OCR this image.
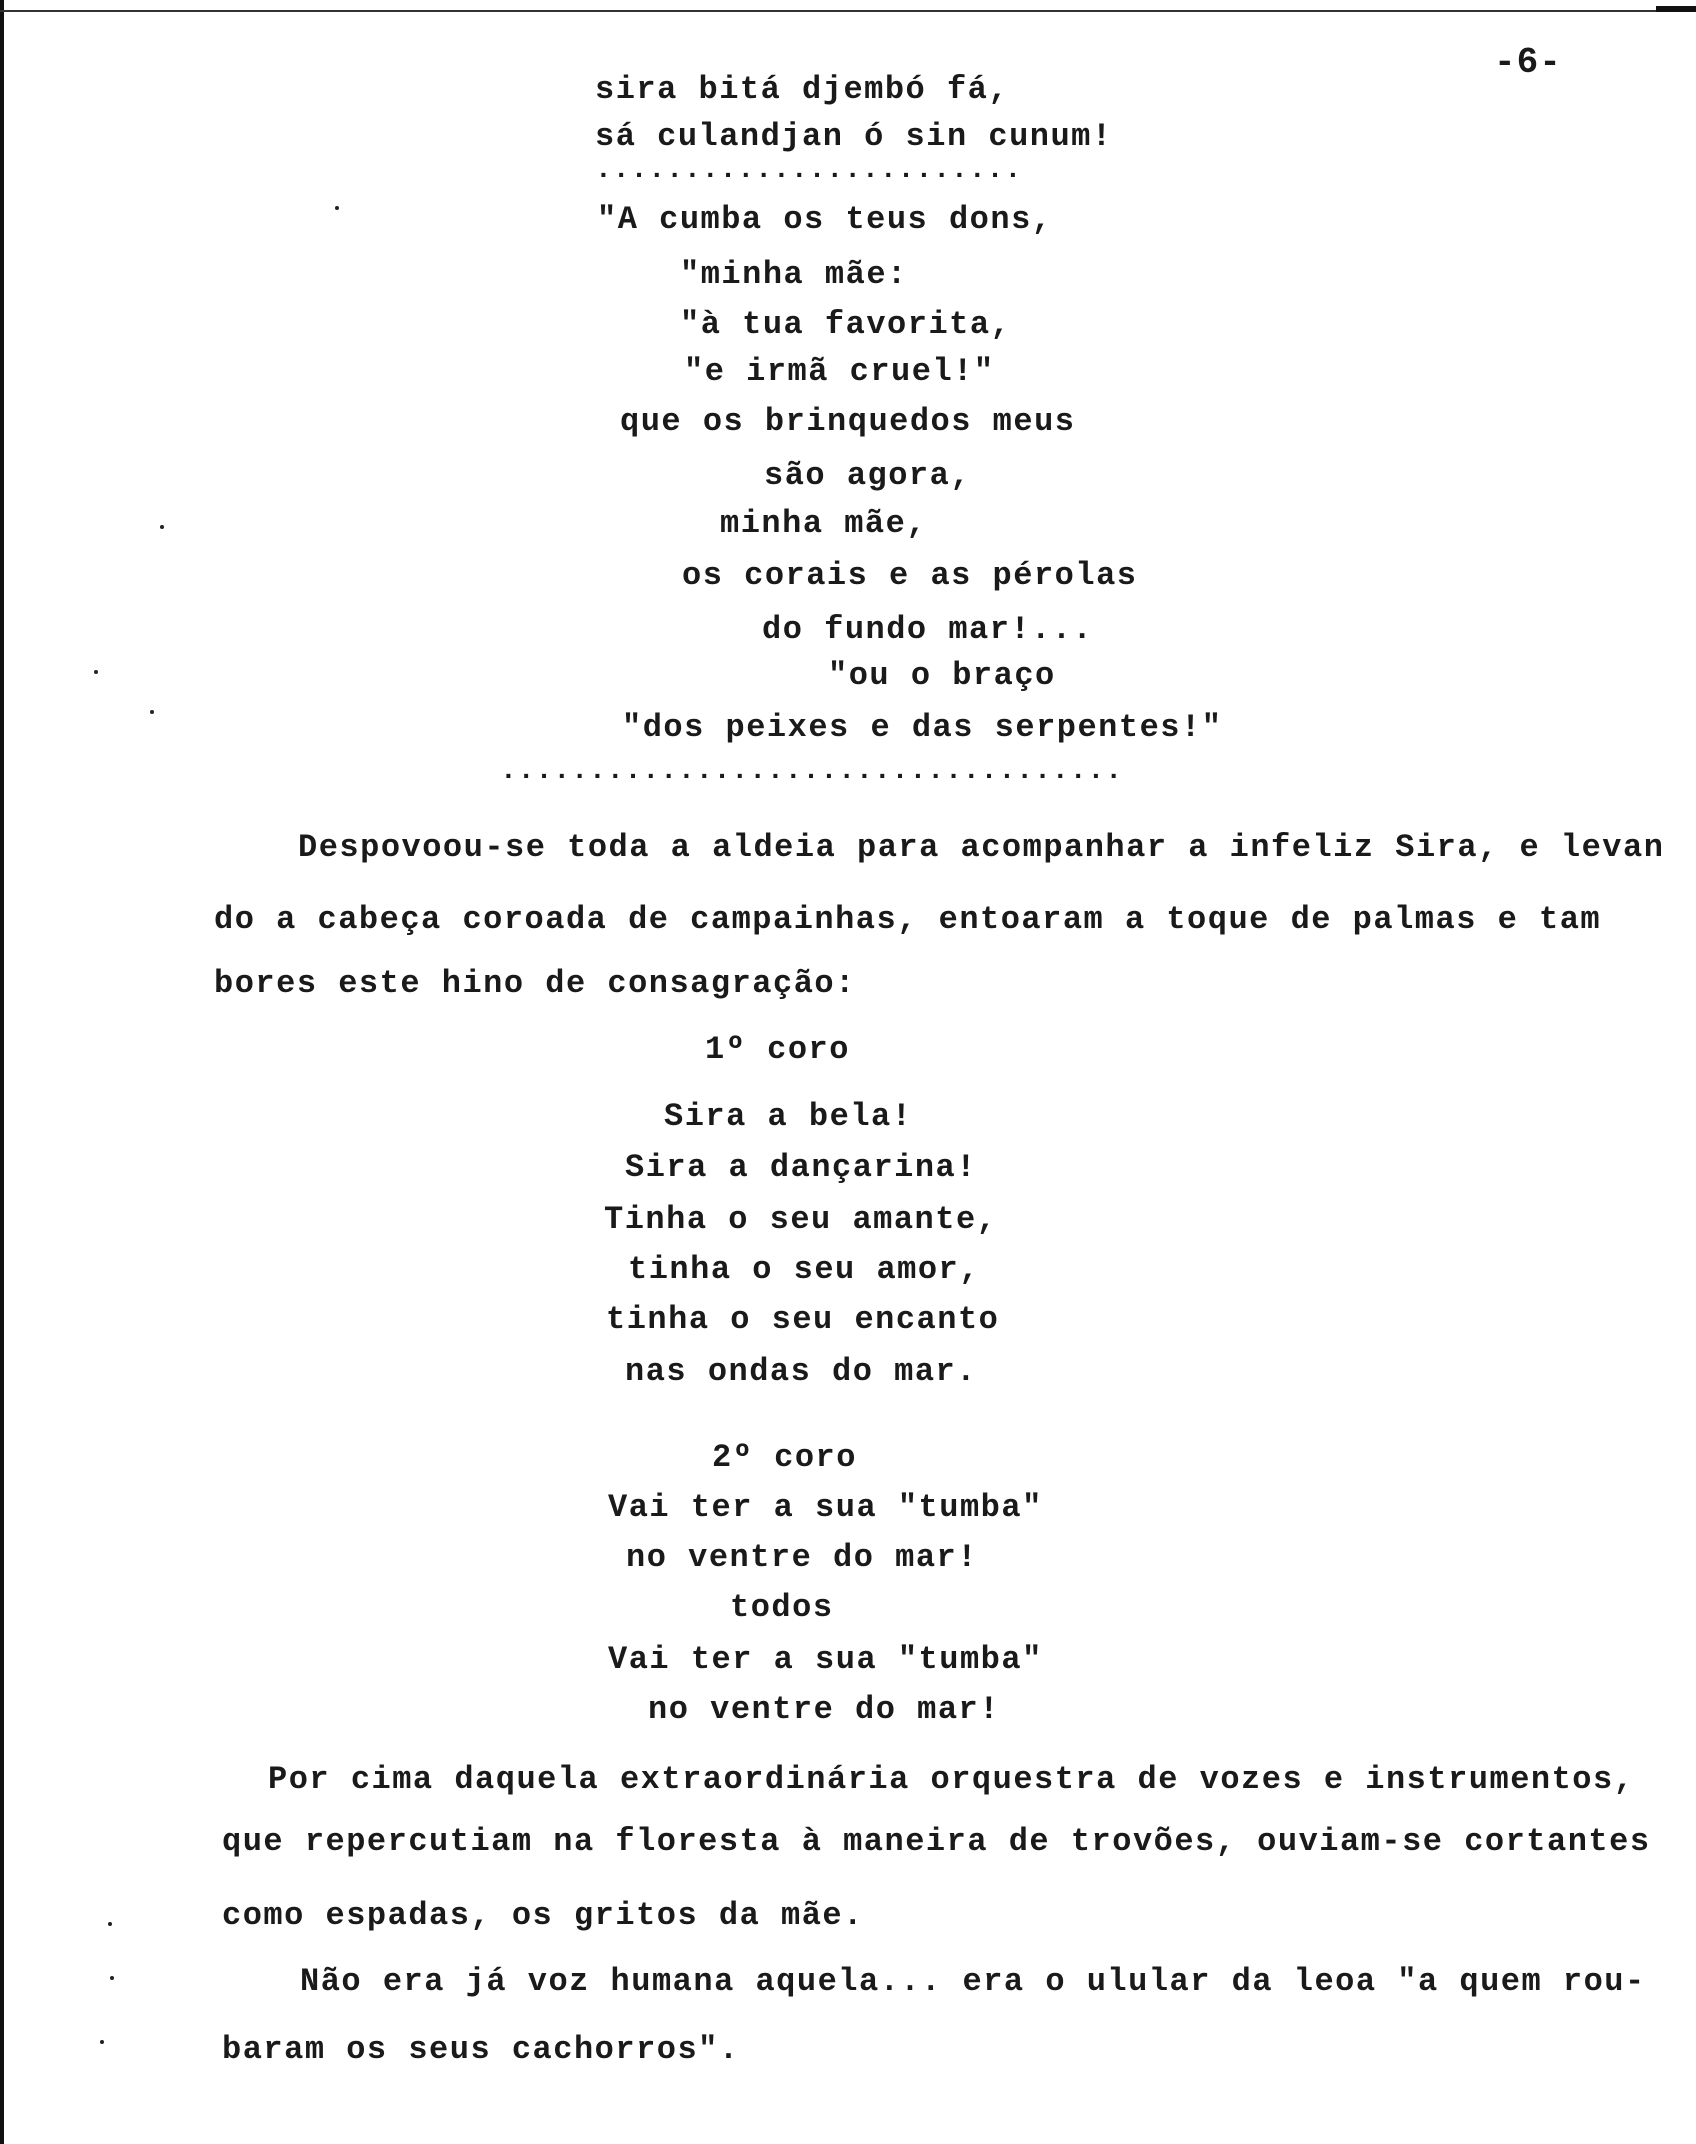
-6-
sira bitá djembó fá,
sá culandjan ó sin cunum!
........................
"A cumba os teus dons,
"minha mãe:
"à tua favorita,
"e irmã cruel!"
que os brinquedos meus
são agora,
minha mãe,
os corais e as pérolas
do fundo mar!...
"ou o braço
"dos peixes e das serpentes!"
...................................
Despovoou-se toda a aldeia para acompanhar a infeliz Sira, e levan
do a cabeça coroada de campainhas, entoaram a toque de palmas e tam
bores este hino de consagração:
1º coro
Sira a bela!
Sira a dançarina!
Tinha o seu amante,
tinha o seu amor,
tinha o seu encanto
nas ondas do mar.
2º coro
Vai ter a sua "tumba"
no ventre do mar!
todos
Vai ter a sua "tumba"
no ventre do mar!
Por cima daquela extraordinária orquestra de vozes e instrumentos,
que repercutiam na floresta à maneira de trovões, ouviam-se cortantes
como espadas, os gritos da mãe.
Não era já voz humana aquela... era o ulular da leoa "a quem rou-
baram os seus cachorros".
